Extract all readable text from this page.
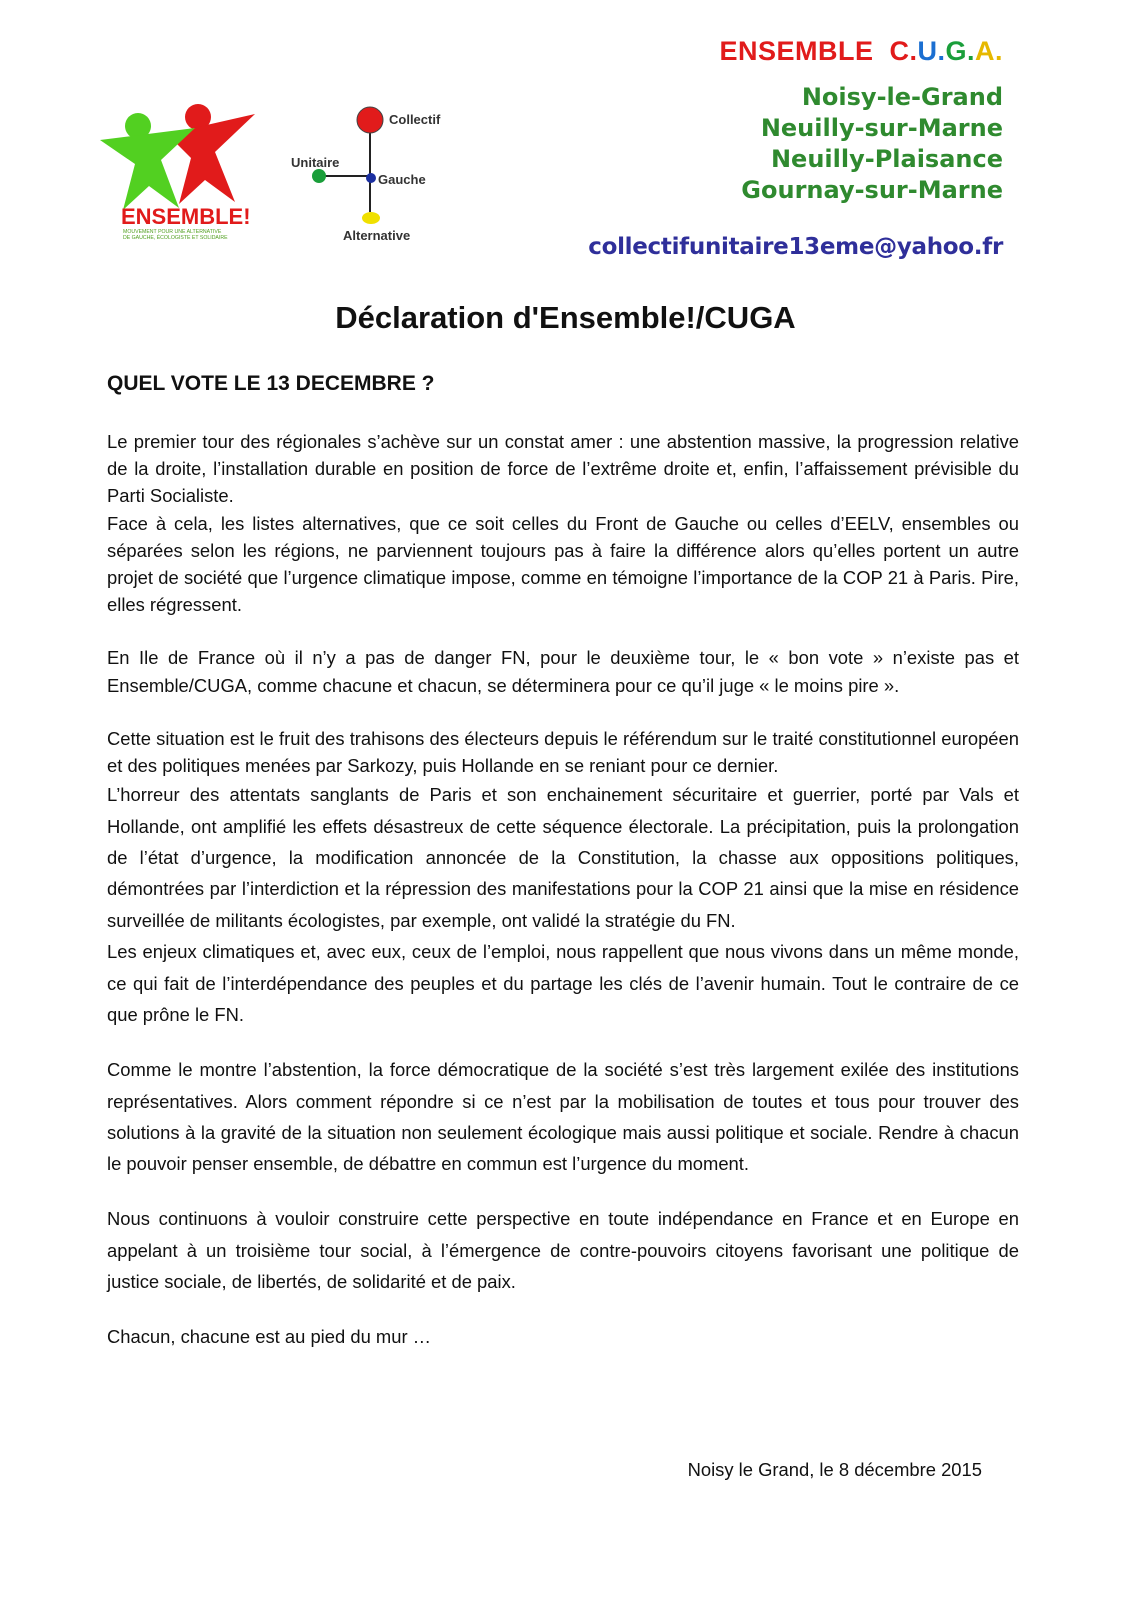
ENSEMBLE!
MOUVEMENT POUR UNE ALTERNATIVE
DE GAUCHE, ÉCOLOGISTE ET SOLIDAIRE
Collectif
Unitaire
Gauche
Alternative
ENSEMBLE C.U.G.A.
Noisy-le-Grand
Neuilly-sur-Marne
Neuilly-Plaisance
Gournay-sur-Marne
collectifunitaire13eme@yahoo.fr
Déclaration d'Ensemble!/CUGA
QUEL VOTE LE 13 DECEMBRE ?

Le premier tour des régionales s’achève sur un constat amer : une abstention massive, la progression relative de la droite, l’installation durable en position de force de l’extrême droite et, enfin, l’affaissement prévisible du Parti Socialiste.

Face à cela, les listes alternatives, que ce soit celles du Front de Gauche ou celles d’EELV, ensembles ou séparées selon les régions, ne parviennent toujours pas à faire la différence alors qu’elles portent un autre projet de société que l’urgence climatique impose, comme en témoigne l’importance de la COP 21 à Paris. Pire, elles régressent.

En Ile de France où il n’y a pas de danger FN, pour le deuxième tour, le « bon vote » n’existe pas et Ensemble/CUGA, comme chacune et chacun, se déterminera pour ce qu’il juge « le moins pire ».

Cette situation est le fruit des trahisons des électeurs depuis le référendum sur le traité constitutionnel européen et des politiques menées par Sarkozy, puis Hollande en se reniant pour ce dernier.

L’horreur des attentats sanglants de Paris et son enchainement sécuritaire et guerrier, porté par Vals et Hollande, ont amplifié les effets désastreux de cette séquence électorale. La précipitation, puis la prolongation de l’état d’urgence, la modification annoncée de la Constitution, la chasse aux oppositions politiques, démontrées par l’interdiction et la répression des manifestations pour la COP 21 ainsi que la mise en résidence surveillée de militants écologistes, par exemple, ont validé la stratégie du FN.

Les enjeux climatiques et, avec eux, ceux de l’emploi, nous rappellent que nous vivons dans un même monde, ce qui fait de l’interdépendance des peuples et du partage les clés de l’avenir humain. Tout le contraire de ce que prône le FN.

Comme le montre l’abstention, la force démocratique de la société s’est très largement exilée des institutions représentatives. Alors comment répondre si ce n’est par la mobilisation de toutes et tous pour trouver des solutions à la gravité de la situation non seulement écologique mais aussi politique et sociale. Rendre à chacun le pouvoir penser ensemble, de débattre en commun est l’urgence du moment.

Nous continuons à vouloir construire cette perspective en toute indépendance en France et en Europe en appelant à un troisième tour social, à l’émergence de contre-pouvoirs citoyens favorisant une politique de justice sociale, de libertés, de solidarité et de paix.

Chacun, chacune est au pied du mur …

Noisy le Grand, le 8 décembre 2015
